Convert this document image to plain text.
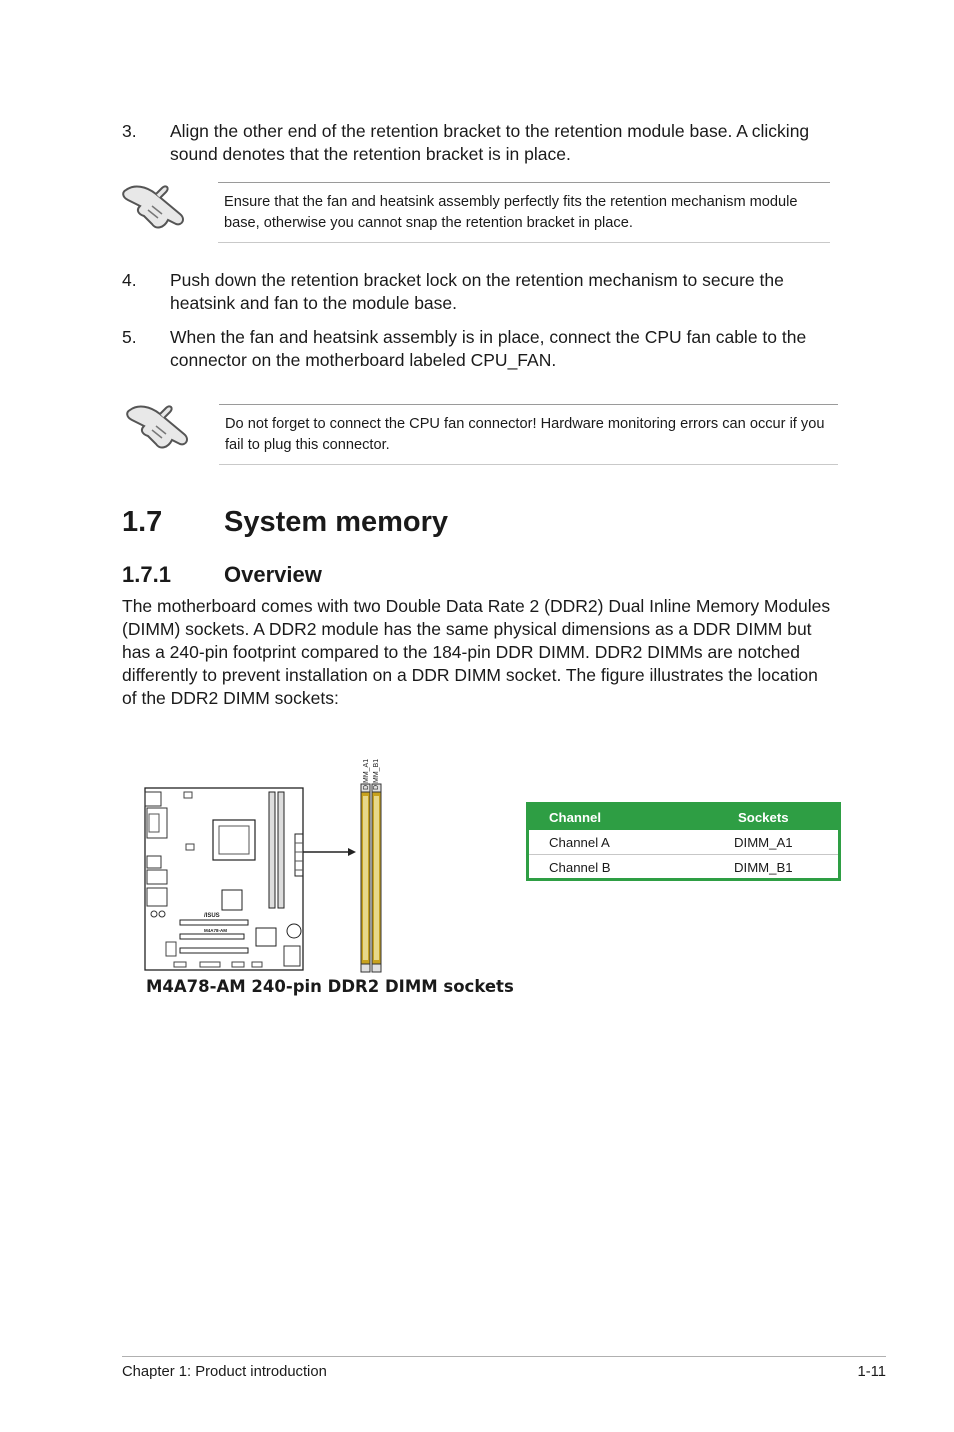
3. Align the other end of the retention bracket to the retention module base. A clicking sound denotes that the retention bracket is in place.
Ensure that the fan and heatsink assembly perfectly fits the retention mechanism module base, otherwise you cannot snap the retention bracket in place.
4. Push down the retention bracket lock on the retention mechanism to secure the heatsink and fan to the module base.
5. When the fan and heatsink assembly is in place, connect the CPU fan cable to the connector on the motherboard labeled CPU_FAN.
Do not forget to connect the CPU fan connector! Hardware monitoring errors can occur if you fail to plug this connector.
1.7 System memory
1.7.1 Overview
The motherboard comes with two Double Data Rate 2 (DDR2) Dual Inline Memory Modules (DIMM) sockets. A DDR2 module has the same physical dimensions as a DDR DIMM but has a 240-pin footprint compared to the 184-pin DDR DIMM. DDR2 DIMMs are notched differently to prevent installation on a DDR DIMM socket. The figure illustrates the location of the DDR2 DIMM sockets:
/ISUS
M4A78-AM
DIMM_A1 DIMM_B1
M4A78-AM 240-pin DDR2 DIMM sockets
Channel	Sockets
Channel A	DIMM_A1
Channel B	DIMM_B1
Chapter 1: Product introduction	1-11
